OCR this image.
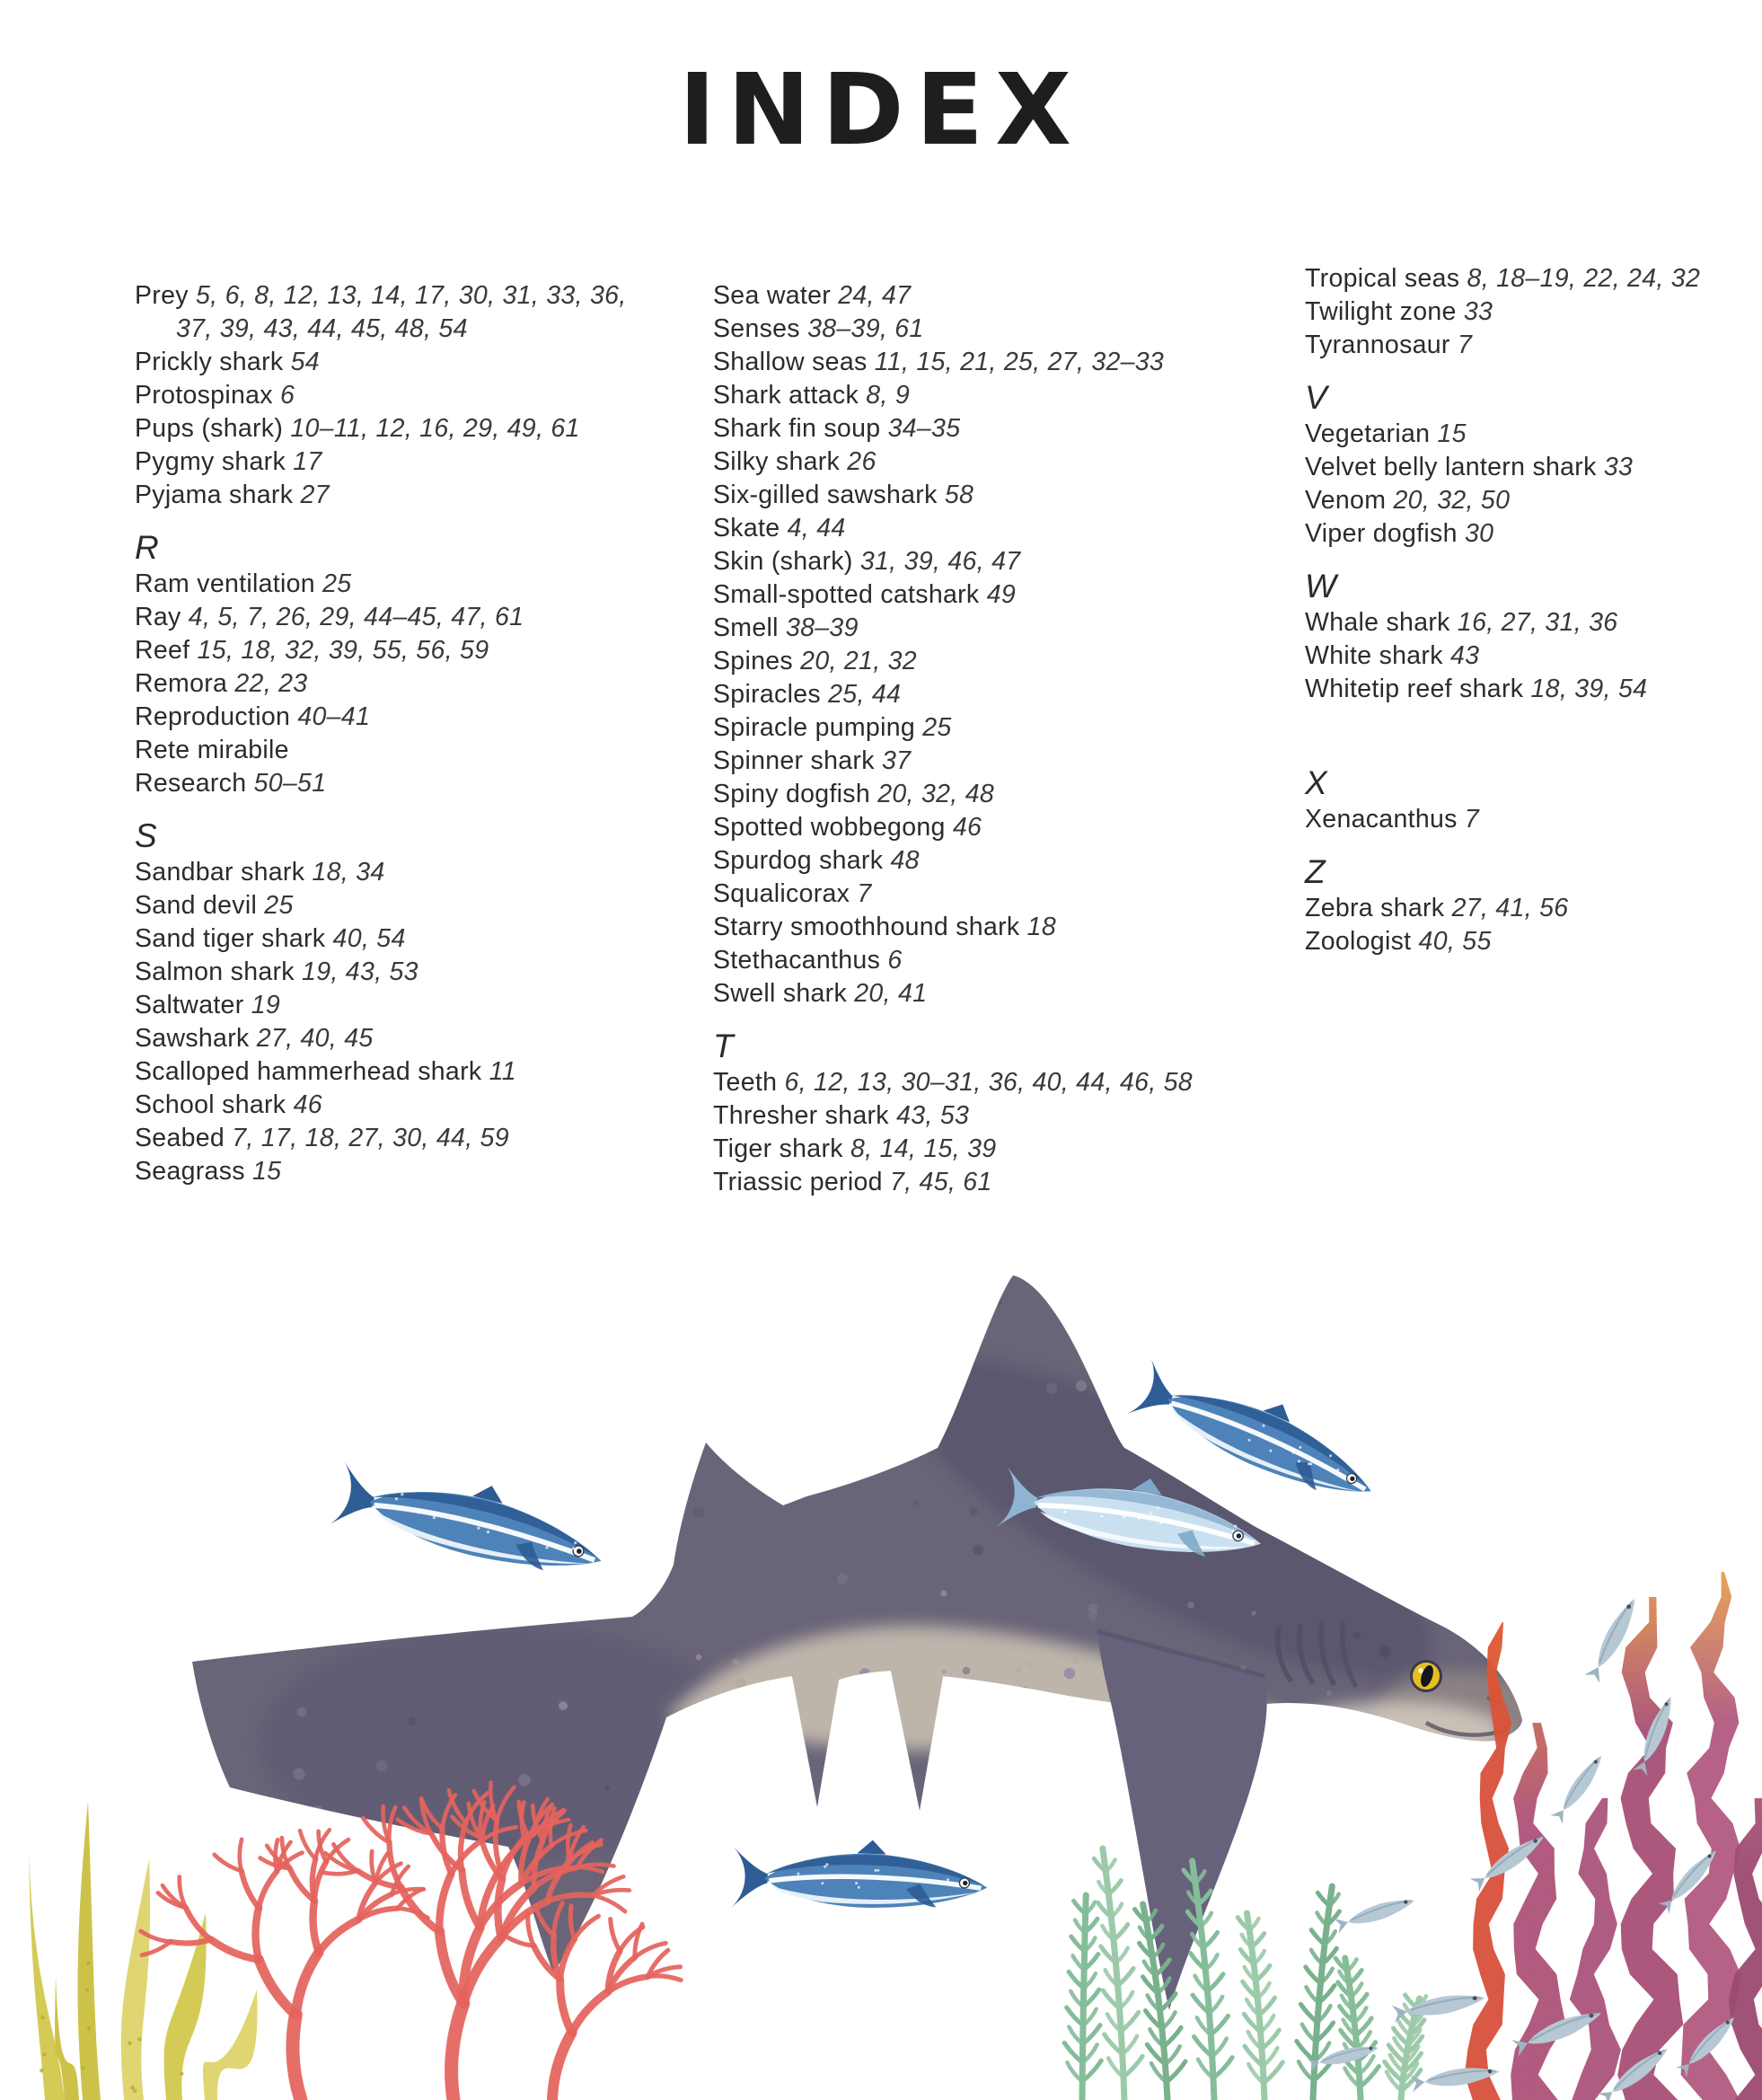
INDEX
Prey 5, 6, 8, 12, 13, 14, 17, 30, 31, 33, 36, 37, 39, 43, 44, 45, 48, 54
Prickly shark 54
Protospinax 6
Pups (shark) 10–11, 12, 16, 29, 49, 61
Pygmy shark 17
Pyjama shark 27
R
Ram ventilation 25
Ray 4, 5, 7, 26, 29, 44–45, 47, 61
Reef 15, 18, 32, 39, 55, 56, 59
Remora 22, 23
Reproduction 40–41
Rete mirabile
Research 50–51
S
Sandbar shark 18, 34
Sand devil 25
Sand tiger shark 40, 54
Salmon shark 19, 43, 53
Saltwater 19
Sawshark 27, 40, 45
Scalloped hammerhead shark 11
School shark 46
Seabed 7, 17, 18, 27, 30, 44, 59
Seagrass 15
Sea water 24, 47
Senses 38–39, 61
Shallow seas 11, 15, 21, 25, 27, 32–33
Shark attack 8, 9
Shark fin soup 34–35
Silky shark 26
Six-gilled sawshark 58
Skate 4, 44
Skin (shark) 31, 39, 46, 47
Small-spotted catshark 49
Smell 38–39
Spines 20, 21, 32
Spiracles 25, 44
Spiracle pumping 25
Spinner shark 37
Spiny dogfish 20, 32, 48
Spotted wobbegong 46
Spurdog shark 48
Squalicorax 7
Starry smoothhound shark 18
Stethacanthus 6
Swell shark 20, 41
T
Teeth 6, 12, 13, 30–31, 36, 40, 44, 46, 58
Thresher shark 43, 53
Tiger shark 8, 14, 15, 39
Triassic period 7, 45, 61
Tropical seas 8, 18–19, 22, 24, 32
Twilight zone 33
Tyrannosaur 7
V
Vegetarian 15
Velvet belly lantern shark 33
Venom 20, 32, 50
Viper dogfish 30
W
Whale shark 16, 27, 31, 36
White shark 43
Whitetip reef shark 18, 39, 54
X
Xenacanthus 7
Z
Zebra shark 27, 41, 56
Zoologist 40, 55
